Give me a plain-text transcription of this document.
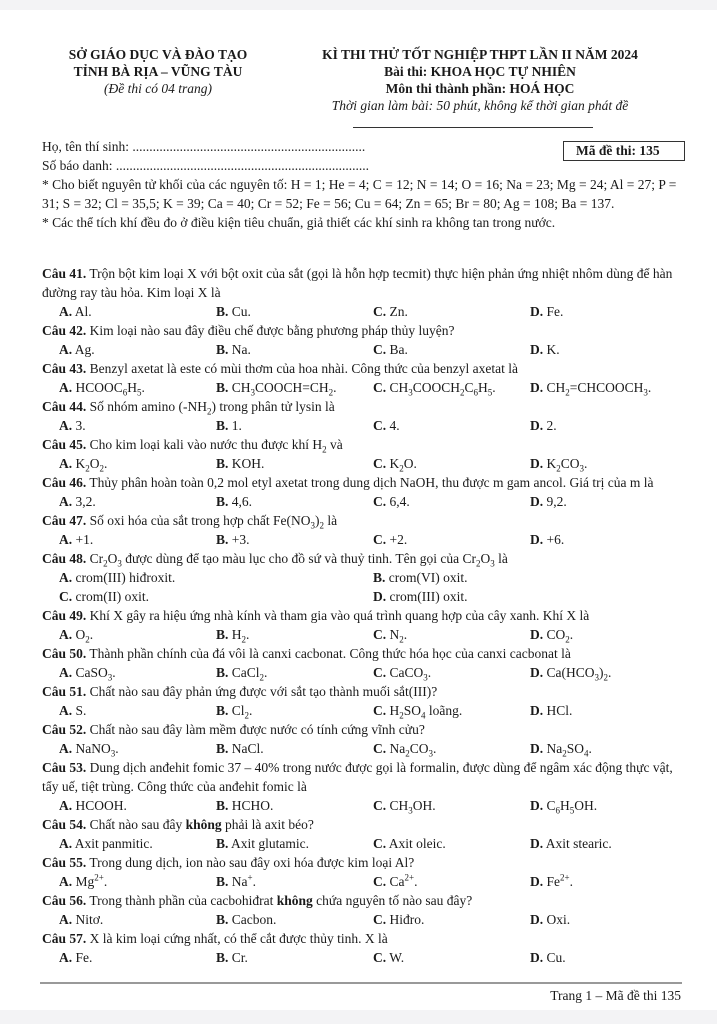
SỞ GIÁO DỤC VÀ ĐÀO TẠO
TỈNH BÀ RỊA – VŨNG TÀU
(Đề thi có 04 trang)
KÌ THI THỬ TỐT NGHIỆP THPT LẦN II NĂM 2024
Bài thi: KHOA HỌC TỰ NHIÊN
Môn thi thành phần: HOÁ HỌC
Thời gian làm bài: 50 phút, không kể thời gian phát đề
Mã đề thi: 135
Họ, tên thí sinh: .....................................................................
Số báo danh: ...........................................................................
* Cho biết nguyên tử khối của các nguyên tố: H = 1; He = 4; C = 12; N = 14; O = 16; Na = 23; Mg = 24; Al = 27; P = 31; S = 32; Cl = 35,5; K = 39; Ca = 40; Cr = 52; Fe = 56; Cu = 64; Zn = 65; Br = 80; Ag = 108; Ba = 137.
* Các thể tích khí đều đo ở điều kiện tiêu chuẩn, giả thiết các khí sinh ra không tan trong nước.
Câu 41. Trộn bột kim loại X với bột oxit của sắt (gọi là hỗn hợp tecmit) thực hiện phản ứng nhiệt nhôm dùng để hàn đường ray tàu hỏa. Kim loại X là
A. Al.	B. Cu.	C. Zn.	D. Fe.
Câu 42. Kim loại nào sau đây điều chế được bằng phương pháp thủy luyện?
A. Ag.	B. Na.	C. Ba.	D. K.
Câu 43. Benzyl axetat là este có mùi thơm của hoa nhài. Công thức của benzyl axetat là
A. $HCOOC_6H_5$.	B. $CH_3COOCH=CH_2$.	C. $CH_3COOCH_2C_6H_5$.	D. $CH_2=CHCOOCH_3$.
Câu 44. Số nhóm amino $(-NH_2)$ trong phân tử lysin là
A. 3.	B. 1.	C. 4.	D. 2.
Câu 45. Cho kim loại kali vào nước thu được khí $H_2$ và
A. $K_2O_2$.	B. KOH.	C. $K_2O$.	D. $K_2CO_3$.
Câu 46. Thủy phân hoàn toàn 0,2 mol etyl axetat trong dung dịch NaOH, thu được m gam ancol. Giá trị của m là
A. 3,2.	B. 4,6.	C. 6,4.	D. 9,2.
Câu 47. Số oxi hóa của sắt trong hợp chất $Fe(NO_3)_2$ là
A. +1.	B. +3.	C. +2.	D. +6.
Câu 48. $Cr_2O_3$ được dùng để tạo màu lục cho đồ sứ và thuỷ tinh. Tên gọi của $Cr_2O_3$ là
A. crom(III) hiđroxit.	B. crom(VI) oxit.
C. crom(II) oxit.	D. crom(III) oxit.
Câu 49. Khí X gây ra hiệu ứng nhà kính và tham gia vào quá trình quang hợp của cây xanh. Khí X là
A. $O_2$.	B. $H_2$.	C. $N_2$.	D. $CO_2$.
Câu 50. Thành phần chính của đá vôi là canxi cacbonat. Công thức hóa học của canxi cacbonat là
A. CaSO$_3$.	B. CaCl$_2$.	C. CaCO$_3$.	D. $Ca(HCO_3)_2$.
Câu 51. Chất nào sau đây phản ứng được với sắt tạo thành muối sắt(III)?
A. S.	B. $Cl_2$.	C. $H_2SO_4$ loãng.	D. HCl.
Câu 52. Chất nào sau đây làm mềm được nước có tính cứng vĩnh cửu?
A. NaNO$_3$.	B. NaCl.	C. $Na_2CO_3$.	D. $Na_2SO_4$.
Câu 53. Dung dịch anđehit fomic 37 – 40% trong nước được gọi là formalin, được dùng để ngâm xác động thực vật, tẩy uế, tiệt trùng. Công thức của anđehit fomic là
A. HCOOH.	B. HCHO.	C. $CH_3OH$.	D. $C_6H_5OH$.
Câu 54. Chất nào sau đây không phải là axit béo?
A. Axit panmitic.	B. Axit glutamic.	C. Axit oleic.	D. Axit stearic.
Câu 55. Trong dung dịch, ion nào sau đây oxi hóa được kim loại Al?
A. $Mg^{2+}$.	B. Na+.	C. $Ca^{2+}$.	D. $Fe^{2+}$.
Câu 56. Trong thành phần của cacbohiđrat không chứa nguyên tố nào sau đây?
A. Nitơ.	B. Cacbon.	C. Hiđro.	D. Oxi.
Câu 57. X là kim loại cứng nhất, có thể cắt được thủy tinh. X là
A. Fe.	B. Cr.	C. W.	D. Cu.
Trang 1 – Mã đề thi 135
